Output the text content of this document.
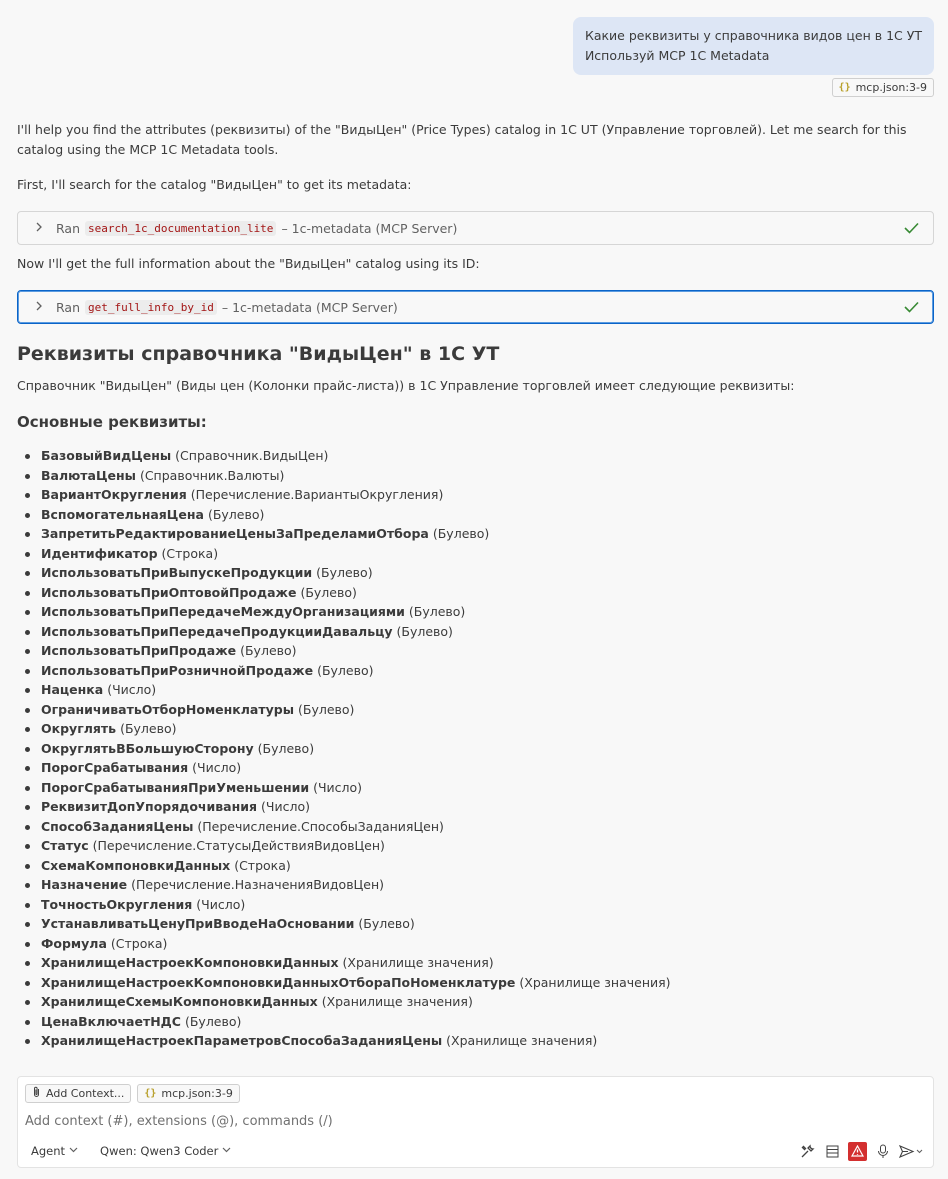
Какие реквизиты у справочника видов цен в 1С УТ
Используй MCP 1C Metadata
{} mcp.json:3-9
I'll help you find the attributes (реквизиты) of the "ВидыЦен" (Price Types) catalog in 1C UT (Управление торговлей). Let me search for this catalog using the MCP 1C Metadata tools.
First, I'll search for the catalog "ВидыЦен" to get its metadata:
Ran search_1c_documentation_lite – 1c-metadata (MCP Server)
Now I'll get the full information about the "ВидыЦен" catalog using its ID:
Ran get_full_info_by_id – 1c-metadata (MCP Server)
Реквизиты справочника "ВидыЦен" в 1С УТ
Справочник "ВидыЦен" (Виды цен (Колонки прайс-листа)) в 1С Управление торговлей имеет следующие реквизиты:
Основные реквизиты:
БазовыйВидЦены (Справочник.ВидыЦен)
ВалютаЦены (Справочник.Валюты)
ВариантОкругления (Перечисление.ВариантыОкругления)
ВспомогательнаяЦена (Булево)
ЗапретитьРедактированиеЦеныЗаПределамиОтбора (Булево)
Идентификатор (Строка)
ИспользоватьПриВыпускеПродукции (Булево)
ИспользоватьПриОптовойПродаже (Булево)
ИспользоватьПриПередачеМеждуОрганизациями (Булево)
ИспользоватьПриПередачеПродукцииДавальцу (Булево)
ИспользоватьПриПродаже (Булево)
ИспользоватьПриРозничнойПродаже (Булево)
Наценка (Число)
ОграничиватьОтборНоменклатуры (Булево)
Округлять (Булево)
ОкруглятьВБольшуюСторону (Булево)
ПорогСрабатывания (Число)
ПорогСрабатыванияПриУменьшении (Число)
РеквизитДопУпорядочивания (Число)
СпособЗаданияЦены (Перечисление.СпособыЗаданияЦен)
Статус (Перечисление.СтатусыДействияВидовЦен)
СхемаКомпоновкиДанных (Строка)
Назначение (Перечисление.НазначенияВидовЦен)
ТочностьОкругления (Число)
УстанавливатьЦенуПриВводеНаОсновании (Булево)
Формула (Строка)
ХранилищеНастроекКомпоновкиДанных (Хранилище значения)
ХранилищеНастроекКомпоновкиДанныхОтбораПоНоменклатуре (Хранилище значения)
ХранилищеСхемыКомпоновкиДанных (Хранилище значения)
ЦенаВключаетНДС (Булево)
ХранилищеНастроекПараметровСпособаЗаданияЦены (Хранилище значения)
Add Context... {} mcp.json:3-9
Add context (#), extensions (@), commands (/)
Agent	Qwen: Qwen3 Coder
